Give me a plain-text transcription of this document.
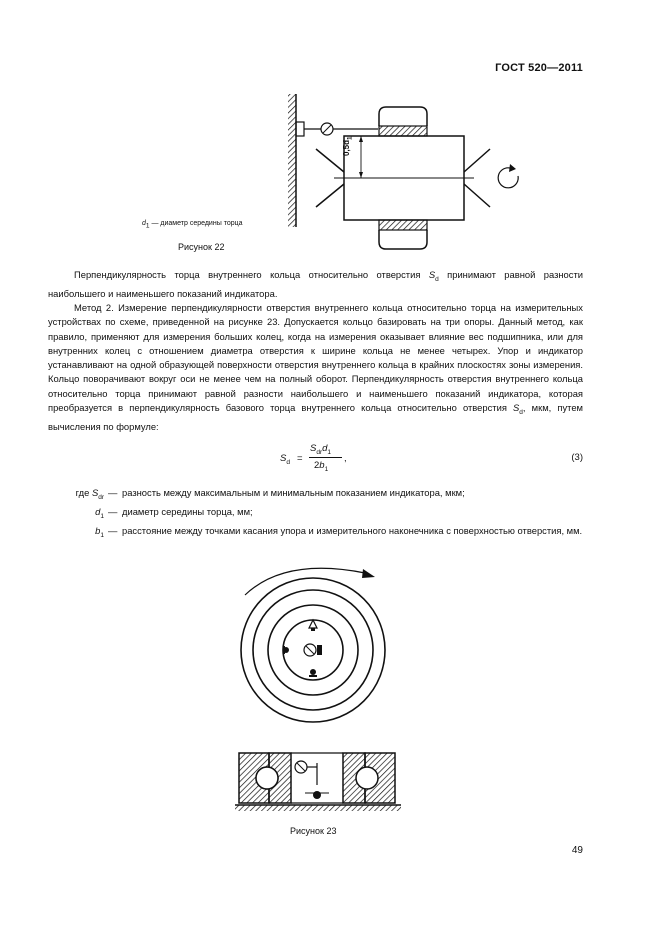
ГОСТ 520—2011
$0,5d_1$
$d_1$ — диаметр середины торца
Рисунок 22

Перпендикулярность торца внутреннего кольца относительно отверстия $S_d$ принимают равной разности наибольшего и наименьшего показаний индикатора.

Метод 2. Измерение перпендикулярности отверстия внутреннего кольца относительно торца на измерительных устройствах по схеме, приведенной на рисунке 23. Допускается кольцо базировать на три опоры. Данный метод, как правило, применяют для измерения больших колец, когда на измерения оказывает влияние вес подшипника, или для внутренних колец с отношением диаметра отверстия к ширине кольца не менее четырех. Упор и индикатор устанавливают на одной образующей поверхности отверстия внутреннего кольца в крайних плоскостях зоны измерения. Кольцо поворачивают вокруг оси не менее чем на полный оборот. Перпендикулярность отверстия внутреннего кольца относительно торца принимают равной разности наибольшего и наименьшего показаний индикатора, которая преобразуется в перпендикулярность базового торца внутреннего кольца относительно отверстия $S_d$, мкм, путем вычисления по формуле:

$S_d$ =
$S_{dr}d_1$
$2b_1$
,	(3)
где $S_{dr}$ — разность между максимальным и минимальным показанием индикатора, мкм;
$d_1$ — диаметр середины торца, мм;
$b_1$ — расстояние между точками касания упора и измерительного наконечника с поверхностью отверстия, мм.
Рисунок 23
49
